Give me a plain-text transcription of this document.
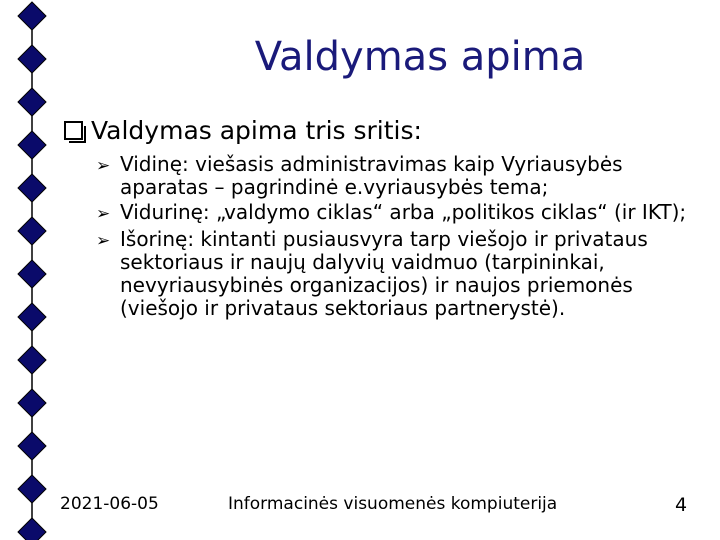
Valdymas apima
Valdymas apima tris sritis:
➢ Vidinę: viešasis administravimas kaip Vyriausybės aparatas – pagrindinė e.vyriausybės tema;
➢ Vidurinę: „valdymo ciklas“ arba „politikos ciklas“ (ir IKT);
➢ Išorinę: kintanti pusiausvyra tarp viešojo ir privataus sektoriaus ir naujų dalyvių vaidmuo (tarpininkai, nevyriausybinės organizacijos) ir naujos priemonės (viešojo ir privataus sektoriaus partnerystė).
2021-06-05	Informacinės visuomenės kompiuterija	4
